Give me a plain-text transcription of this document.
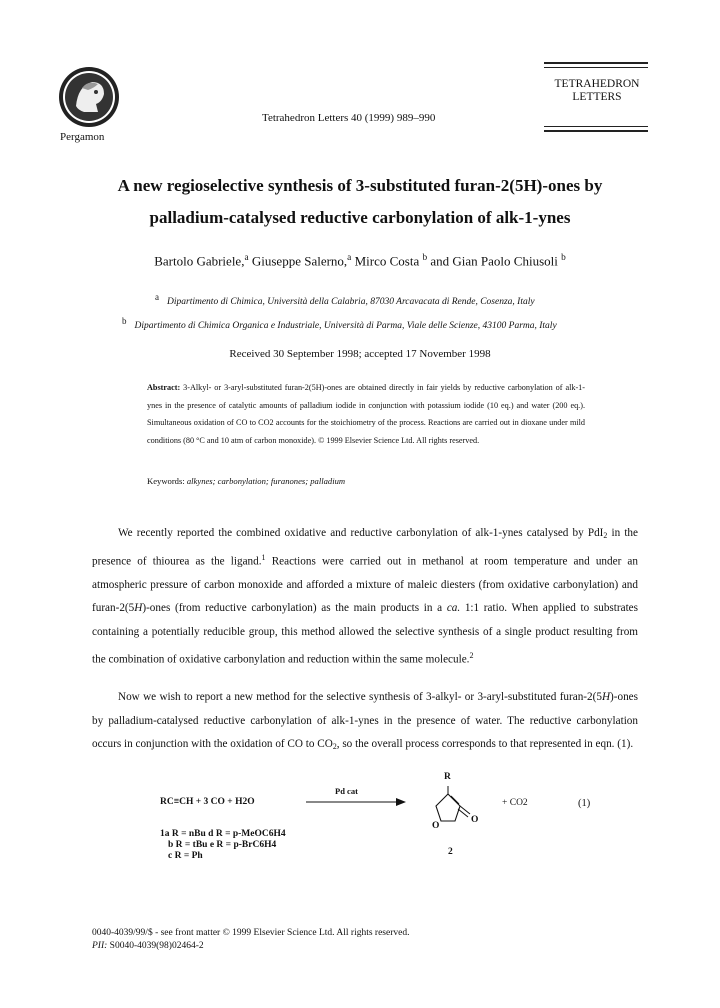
Pergamon
Tetrahedron Letters 40 (1999) 989–990
TETRAHEDRON
LETTERS
A new regioselective synthesis of 3-substituted furan-2(5H)-ones by
palladium-catalysed reductive carbonylation of alk-1-ynes
Bartolo Gabriele,$^a$ Giuseppe Salerno,$^a$ Mirco Costa $^b$ and Gian Paolo Chiusoli $^b$
a Dipartimento di Chimica, Università della Calabria, 87030 Arcavacata di Rende, Cosenza, Italy
b Dipartimento di Chimica Organica e Industriale, Università di Parma, Viale delle Scienze, 43100 Parma, Italy
Received 30 September 1998; accepted 17 November 1998
Abstract: 3-Alkyl- or 3-aryl-substituted furan-2(5H)-ones are obtained directly in fair yields by reductive carbonylation of alk-1-ynes in the presence of catalytic amounts of palladium iodide in conjunction with potassium iodide (10 eq.) and water (200 eq.). Simultaneous oxidation of CO to CO2 accounts for the stoichiometry of the process. Reactions are carried out in dioxane under mild conditions (80 °C and 10 atm of carbon monoxide). © 1999 Elsevier Science Ltd. All rights reserved.
Keywords: alkynes; carbonylation; furanones; palladium
We recently reported the combined oxidative and reductive carbonylation of alk-1-ynes catalysed by PdI$_2$ in the presence of thiourea as the ligand.$^1$ Reactions were carried out in methanol at room temperature and under an atmospheric pressure of carbon monoxide and afforded a mixture of maleic diesters (from oxidative carbonylation) and furan-2(5H)-ones (from reductive carbonylation) as the main products in a ca. 1:1 ratio. When applied to substrates containing a potentially reducible group, this method allowed the selective synthesis of a single product resulting from the combination of oxidative carbonylation and reduction within the same molecule.$^2$
Now we wish to report a new method for the selective synthesis of 3-alkyl- or 3-aryl-substituted furan-2(5H)-ones by palladium-catalysed reductive carbonylation of alk-1-ynes in the presence of water. The reductive carbonylation occurs in conjunction with the oxidation of CO to $CO_2$, so the overall process corresponds to that represented in eqn. (1).
RC≡CH + 3 CO + H2O
Pd cat
R
O
O
+ CO2	(1)
2
1a R = nBu d R = p-MeOC6H4
b R = tBu e R = p-BrC6H4
c R = Ph
0040-4039/99/$ - see front matter © 1999 Elsevier Science Ltd. All rights reserved.
PII: S0040-4039(98)02464-2
